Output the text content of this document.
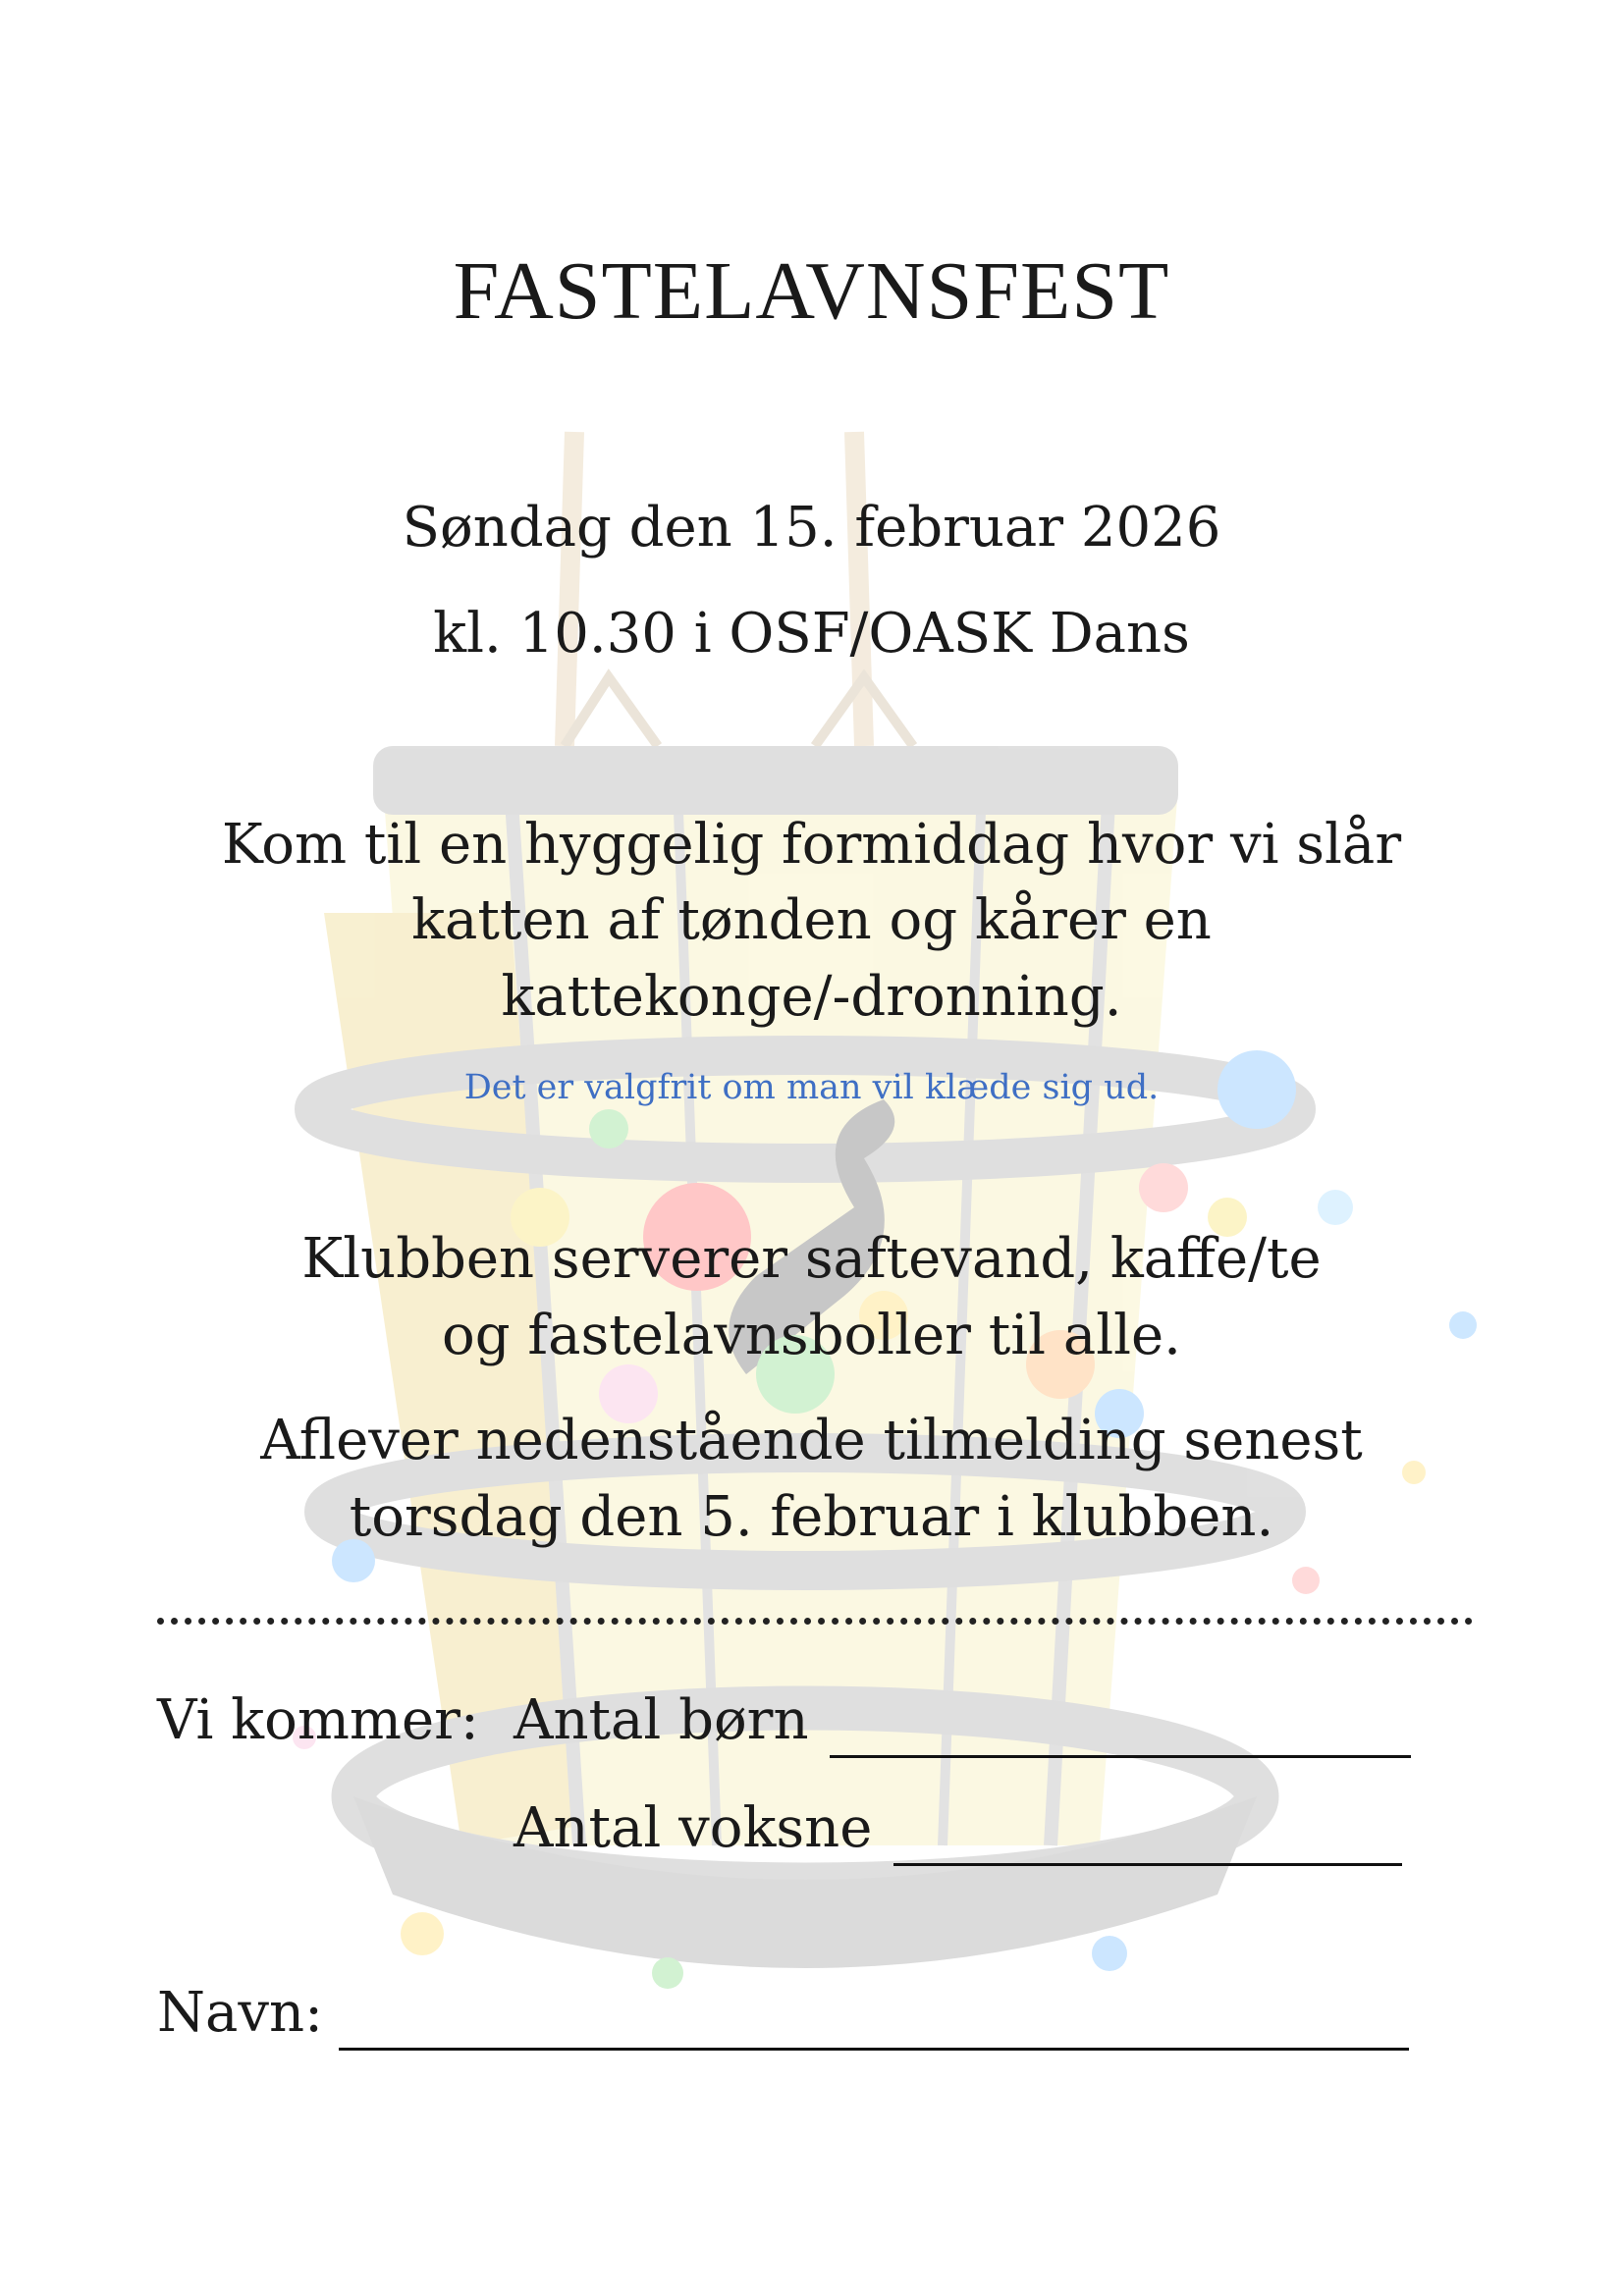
FASTELAVNSFEST
Søndag den 15. februar 2026
kl. 10.30 i OSF/OASK Dans
Kom til en hyggelig formiddag hvor vi slår
katten af tønden og kårer en
kattekonge/-dronning.
Det er valgfrit om man vil klæde sig ud.
Klubben serverer saftevand, kaffe/te
og fastelavnsboller til alle.
Aflever nedenstående tilmelding senest
torsdag den 5. februar i klubben.
Vi kommer: Antal børn
Antal voksne
Navn:
